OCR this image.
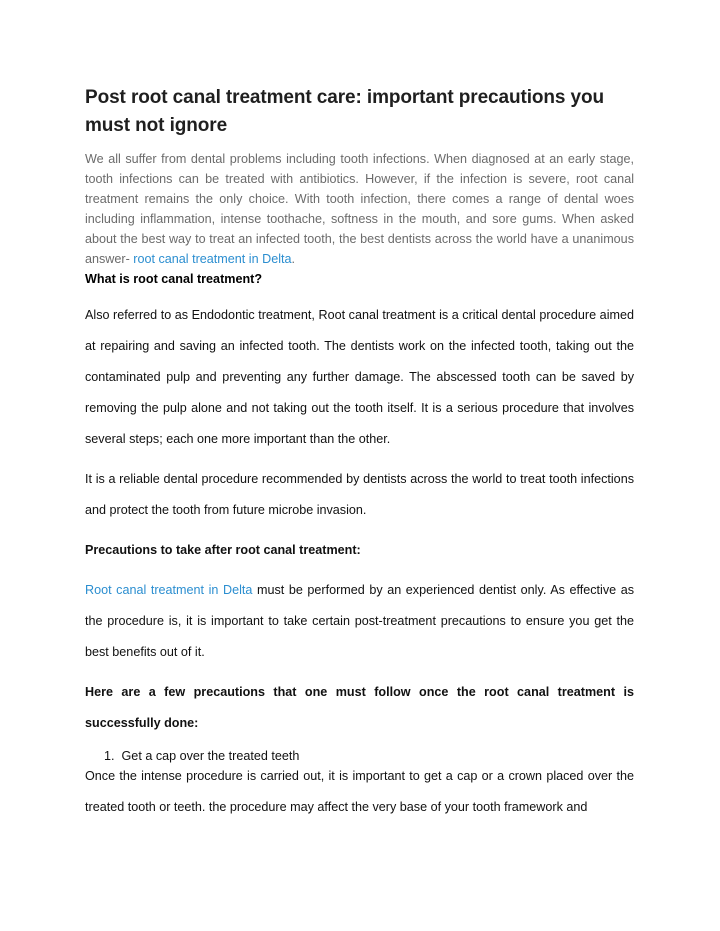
Post root canal treatment care: important precautions you must not ignore

We all suffer from dental problems including tooth infections. When diagnosed at an early stage, tooth infections can be treated with antibiotics. However, if the infection is severe, root canal treatment remains the only choice. With tooth infection, there comes a range of dental woes including inflammation, intense toothache, softness in the mouth, and sore gums. When asked about the best way to treat an infected tooth, the best dentists across the world have a unanimous answer- root canal treatment in Delta.

What is root canal treatment?

Also referred to as Endodontic treatment, Root canal treatment is a critical dental procedure aimed at repairing and saving an infected tooth. The dentists work on the infected tooth, taking out the contaminated pulp and preventing any further damage. The abscessed tooth can be saved by removing the pulp alone and not taking out the tooth itself. It is a serious procedure that involves several steps; each one more important than the other.

It is a reliable dental procedure recommended by dentists across the world to treat tooth infections and protect the tooth from future microbe invasion.

Precautions to take after root canal treatment:

Root canal treatment in Delta must be performed by an experienced dentist only. As effective as the procedure is, it is important to take certain post-treatment precautions to ensure you get the best benefits out of it.

Here are a few precautions that one must follow once the root canal treatment is successfully done:

1. Get a cap over the treated teeth

Once the intense procedure is carried out, it is important to get a cap or a crown placed over the treated tooth or teeth. the procedure may affect the very base of your tooth framework and
